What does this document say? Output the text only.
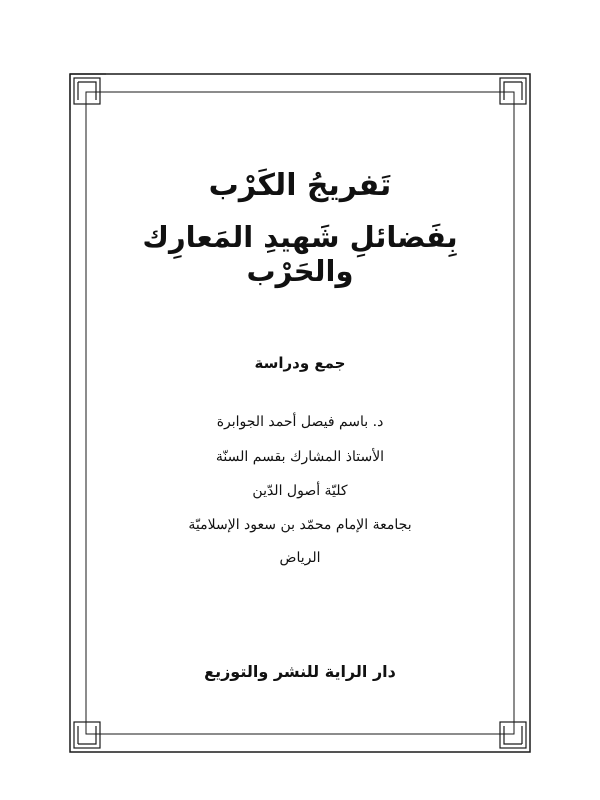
تَفريجُ الكَرْب
بِفَضائلِ شَهيدِ المَعارِك والحَرْب
جمع ودراسة
د. باسم فيصل أحمد الجوابرة
الأستاذ المشارك بقسم السنّة
كليّة أصول الدّين
بجامعة الإمام محمّد بن سعود الإسلاميّة
الرياض
دار الراية للنشر والتوزيع
